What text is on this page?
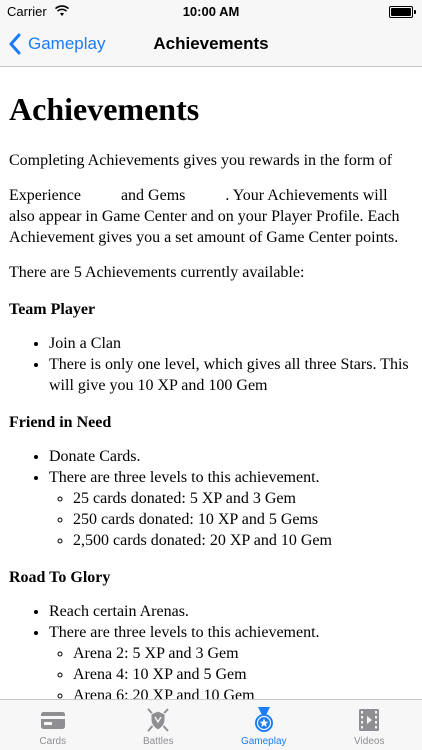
Carrier	10:00 AM
Gameplay	Achievements
Achievements

Completing Achievements gives you rewards in the form of

Experience	and Gems	. Your Achievements will also appear in Game Center and on your Player Profile. Each Achievement gives you a set amount of Game Center points.

There are 5 Achievements currently available:

Team Player
• Join a Clan
• There is only one level, which gives all three Stars. This will give you 10 XP and 100 Gem
Friend in Need
• Donate Cards.
• There are three levels to this achievement.
◦ 25 cards donated: 5 XP and 3 Gem
◦ 250 cards donated: 10 XP and 5 Gems
◦ 2,500 cards donated: 20 XP and 10 Gem
Road To Glory
• Reach certain Arenas.
• There are three levels to this achievement.
◦ Arena 2: 5 XP and 3 Gem
◦ Arena 4: 10 XP and 5 Gem
◦ Arena 6: 20 XP and 10 Gem
Cards	Battles	Gameplay	Videos
